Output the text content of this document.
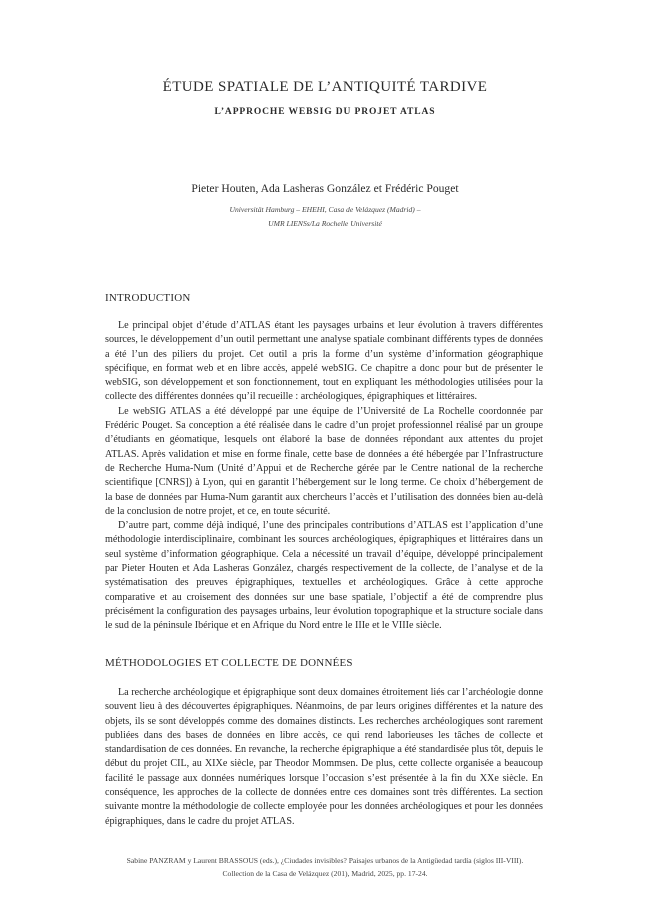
ÉTUDE SPATIALE DE L’ANTIQUITÉ TARDIVE
L’APPROCHE WEBSIG DU PROJET ATLAS

Pieter Houten, Ada Lasheras González et Frédéric Pouget

Universität Hamburg – EHEHI, Casa de Velázquez (Madrid) –

UMR LIENSs/La Rochelle Université

INTRODUCTION

Le principal objet d’étude d’ATLAS étant les paysages urbains et leur évolution à travers différentes sources, le développement d’un outil permettant une analyse spatiale combinant différents types de données a été l’un des piliers du projet. Cet outil a pris la forme d’un système d’information géographique spécifique, en format web et en libre accès, appelé webSIG. Ce chapitre a donc pour but de présenter le webSIG, son développement et son fonctionnement, tout en expliquant les méthodologies utilisées pour la collecte des différentes données qu’il recueille : archéologiques, épigraphiques et littéraires.

Le webSIG ATLAS a été développé par une équipe de l’Université de La Rochelle coordonnée par Frédéric Pouget. Sa conception a été réalisée dans le cadre d’un projet professionnel réalisé par un groupe d’étudiants en géomatique, lesquels ont élaboré la base de données répondant aux attentes du projet ATLAS. Après validation et mise en forme finale, cette base de données a été hébergée par l’Infrastructure de Recherche Huma-Num (Unité d’Appui et de Recherche gérée par le Centre national de la recherche scientifique [CNRS]) à Lyon, qui en garantit l’hébergement sur le long terme. Ce choix d’hébergement de la base de données par Huma-Num garantit aux chercheurs l’accès et l’utilisation des données bien au-delà de la conclusion de notre projet, et ce, en toute sécurité.

D’autre part, comme déjà indiqué, l’une des principales contributions d’ATLAS est l’application d’une méthodologie interdisciplinaire, combinant les sources archéologiques, épigraphiques et littéraires dans un seul système d’information géographique. Cela a nécessité un travail d’équipe, développé principalement par Pieter Houten et Ada Lasheras González, chargés respectivement de la collecte, de l’analyse et de la systématisation des preuves épigraphiques, textuelles et archéologiques. Grâce à cette approche comparative et au croisement des données sur une base spatiale, l’objectif a été de comprendre plus précisément la configuration des paysages urbains, leur évolution topographique et la structure sociale dans le sud de la péninsule Ibérique et en Afrique du Nord entre le IIIe et le VIIIe siècle.

MÉTHODOLOGIES ET COLLECTE DE DONNÉES

La recherche archéologique et épigraphique sont deux domaines étroitement liés car l’archéologie donne souvent lieu à des découvertes épigraphiques. Néanmoins, de par leurs origines différentes et la nature des objets, ils se sont développés comme des domaines distincts. Les recherches archéologiques sont rarement publiées dans des bases de données en libre accès, ce qui rend laborieuses les tâches de collecte et standardisation de ces données. En revanche, la recherche épigraphique a été standardisée plus tôt, depuis le début du projet CIL, au XIXe siècle, par Theodor Mommsen. De plus, cette collecte organisée a beaucoup facilité le passage aux données numériques lorsque l’occasion s’est présentée à la fin du XXe siècle. En conséquence, les approches de la collecte de données entre ces domaines sont très différentes. La section suivante montre la méthodologie de collecte employée pour les données archéologiques et pour les données épigraphiques, dans le cadre du projet ATLAS.

Sabine PANZRAM y Laurent BRASSOUS (eds.), ¿Ciudades invisibles? Paisajes urbanos de la Antigüedad tardía (siglos III-VIII).

Collection de la Casa de Velázquez (201), Madrid, 2025, pp. 17-24.
